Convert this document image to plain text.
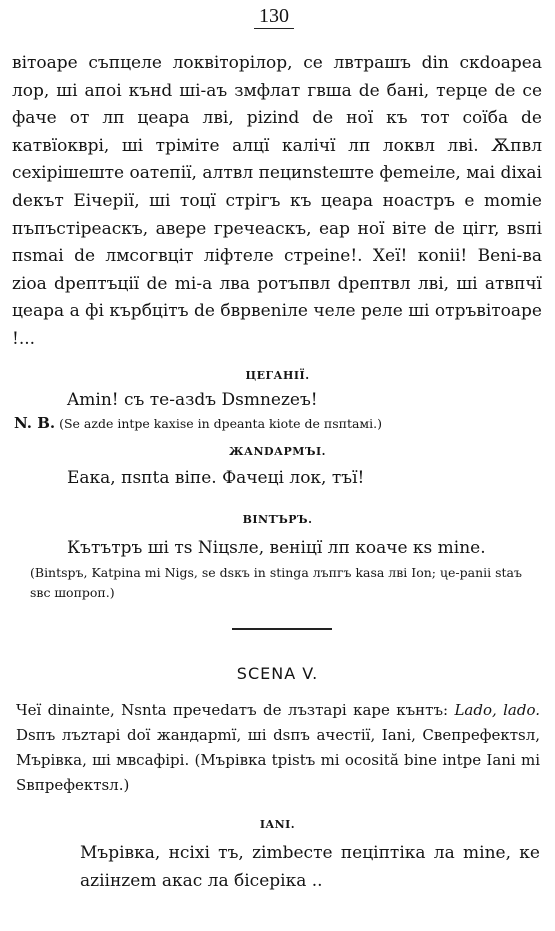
130

вітоаре съпцеле локвіторілор, се лвтрашъ din скdоареа лор, ші апоі кънd ші-аъ змфлат гвша de банi, терце de се фаче от лп цеара лві, pizind de ної къ тот соїба de катвїокврі, ші трiміте алцї калiчї лп локвл лві. Ѫпвл сехipiшеште оатепії, алтвл пециnsteште феmеiле, маі dixai dекът Еічерiї, ші тоцї стрiгъ къ цеара ноастръ е momie пъпъстiреаскъ, авере гречеаскъ, еар ної віте de цiгr, вsпi пsmаі de лмсогвцiт лiфтеле стрeine!. Хеї! коnii! Веnі-ва zioа dрептъцiї de mi-а лва ротъпвл dрептвл лві, ші атвпчї цеара а фі кърбцiтъ de бврвеnіле челе реле ші отръвітоаре !...

ЦЕГАНІЇ.

Amin! съ те-азdъ Dsmnezeъ!

N. B. (Se azde intpe kaxise in dpeanta kiote de пsпtaмі.)

ЖАNDАРМЪІ.

Еака, пsпtа віпе. Фачецi лок, тъї!

ВІNТЪРЪ.

Кътътръ ші тs Niцsлe, венiцї лп коаче кs mine.

(Bintsръ, Katpina mi Nigs, se dsкъ in stinga лъпгъ kasa лвi Ion; ųe-panii staъ sвс шопроп.)

SCENA V.

Чеї dinainte, Nsnta пречеdатъ de лъзтарі каре кънтъ: Lado, lado. Dsпъ лъzтарi doї жандарmї, ші dsпъ ачестiї, Ianі, Свепрефектsл, Мърiвка, ші мвсафiрi. (Мърiвка tpistъ mi ocosită bine intpe Iani mi Sвпрефектsл.)

IANI.

Мърiвка, нсixi тъ, zimbeсте пецiптіка ла mine, ке azіінzem акас ла біcеріка ..
